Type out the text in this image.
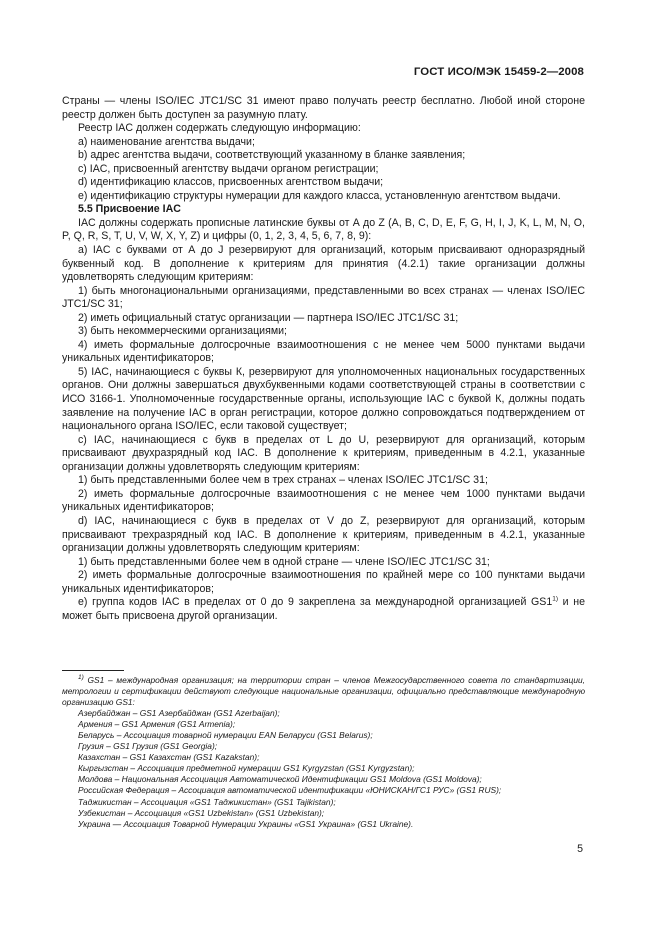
ГОСТ ИСО/МЭК 15459-2—2008

Страны — члены ISO/IEC JTC1/SC 31 имеют право получать реестр бесплатно. Любой иной стороне реестр должен быть доступен за разумную плату.

Реестр IAC должен содержать следующую информацию:

a) наименование агентства выдачи;

b) адрес агентства выдачи, соответствующий указанному в бланке заявления;

c) IAC, присвоенный агентству выдачи органом регистрации;

d) идентификацию классов, присвоенных агентством выдачи;

e) идентификацию структуры нумерации для каждого класса, установленную агентством выдачи.

5.5 Присвоение IAC

IAC должны содержать прописные латинские буквы от А до Z (А, В, С, D, E, F, G, H, I, J, K, L, M, N, O, P, Q, R, S, T, U, V, W, X, Y, Z) и цифры (0, 1, 2, 3, 4, 5, 6, 7, 8, 9):

а) IAC с буквами от А до J резервируют для организаций, которым присваивают одноразрядный буквенный код. В дополнение к критериям для принятия (4.2.1) такие организации должны удовлетворять следующим критериям:

1) быть многонациональными организациями, представленными во всех странах — членах ISO/IEC JTC1/SC 31;

2) иметь официальный статус организации — партнера ISO/IEC JTC1/SC 31;

3) быть некоммерческими организациями;

4) иметь формальные долгосрочные взаимоотношения с не менее чем 5000 пунктами выдачи уникальных идентификаторов;

5) IAC, начинающиеся с буквы К, резервируют для уполномоченных национальных государственных органов. Они должны завершаться двухбуквенными кодами соответствующей страны в соответствии с ИСО 3166-1. Уполномоченные государственные органы, использующие IAC с буквой К, должны подать заявление на получение IAC в орган регистрации, которое должно сопровождаться подтверждением от национального органа ISO/IEC, если таковой существует;

с) IAC, начинающиеся с букв в пределах от L до U, резервируют для организаций, которым присваивают двухразрядный код IAC. В дополнение к критериям, приведенным в 4.2.1, указанные организации должны удовлетворять следующим критериям:

1) быть представленными более чем в трех странах – членах ISO/IEC JTC1/SC 31;

2) иметь формальные долгосрочные взаимоотношения с не менее чем 1000 пунктами выдачи уникальных идентификаторов;

d) IAC, начинающиеся с букв в пределах от V до Z, резервируют для организаций, которым присваивают трехразрядный код IAC. В дополнение к критериям, приведенным в 4.2.1, указанные организации должны удовлетворять следующим критериям:

1) быть представленными более чем в одной стране — члене ISO/IEC JTC1/SC 31;

2) иметь формальные долгосрочные взаимоотношения по крайней мере со 100 пунктами выдачи уникальных идентификаторов;

е) группа кодов IAC в пределах от 0 до 9 закреплена за международной организацией GS1$^{1)}$ и не может быть присвоена другой организации.

$^{1)}$ GS1 – международная организация; на территории стран – членов Межгосударственного совета по стандартизации, метрологии и сертификации действуют следующие национальные организации, официально представляющие международную организацию GS1:

Азербайджан – GS1 Азербайджан (GS1 Azerbaijan);

Армения – GS1 Армения (GS1 Armenia);

Беларусь – Ассоциация товарной нумерации EAN Беларуси (GS1 Belarus);

Грузия – GS1 Грузия (GS1 Georgia);

Казахстан – GS1 Казахстан (GS1 Kazakstan);

Кыргызстан – Ассоциация предметной нумерации GS1 Kyrgyzstan (GS1 Kyrgyzstan);

Молдова – Национальная Ассоциация Автоматической Идентификации GS1 Moldova (GS1 Moldova);

Российская Федерация – Ассоциация автоматической идентификации «ЮНИСКАН/ГС1 РУС» (GS1 RUS);

Таджикистан – Ассоциация «GS1 Таджикистан» (GS1 Tajikistan);

Узбекистан – Ассоциация «GS1 Uzbekistan» (GS1 Uzbekistan);

Украина — Ассоциация Товарной Нумерации Украины «GS1 Украина» (GS1 Ukraine).

5
